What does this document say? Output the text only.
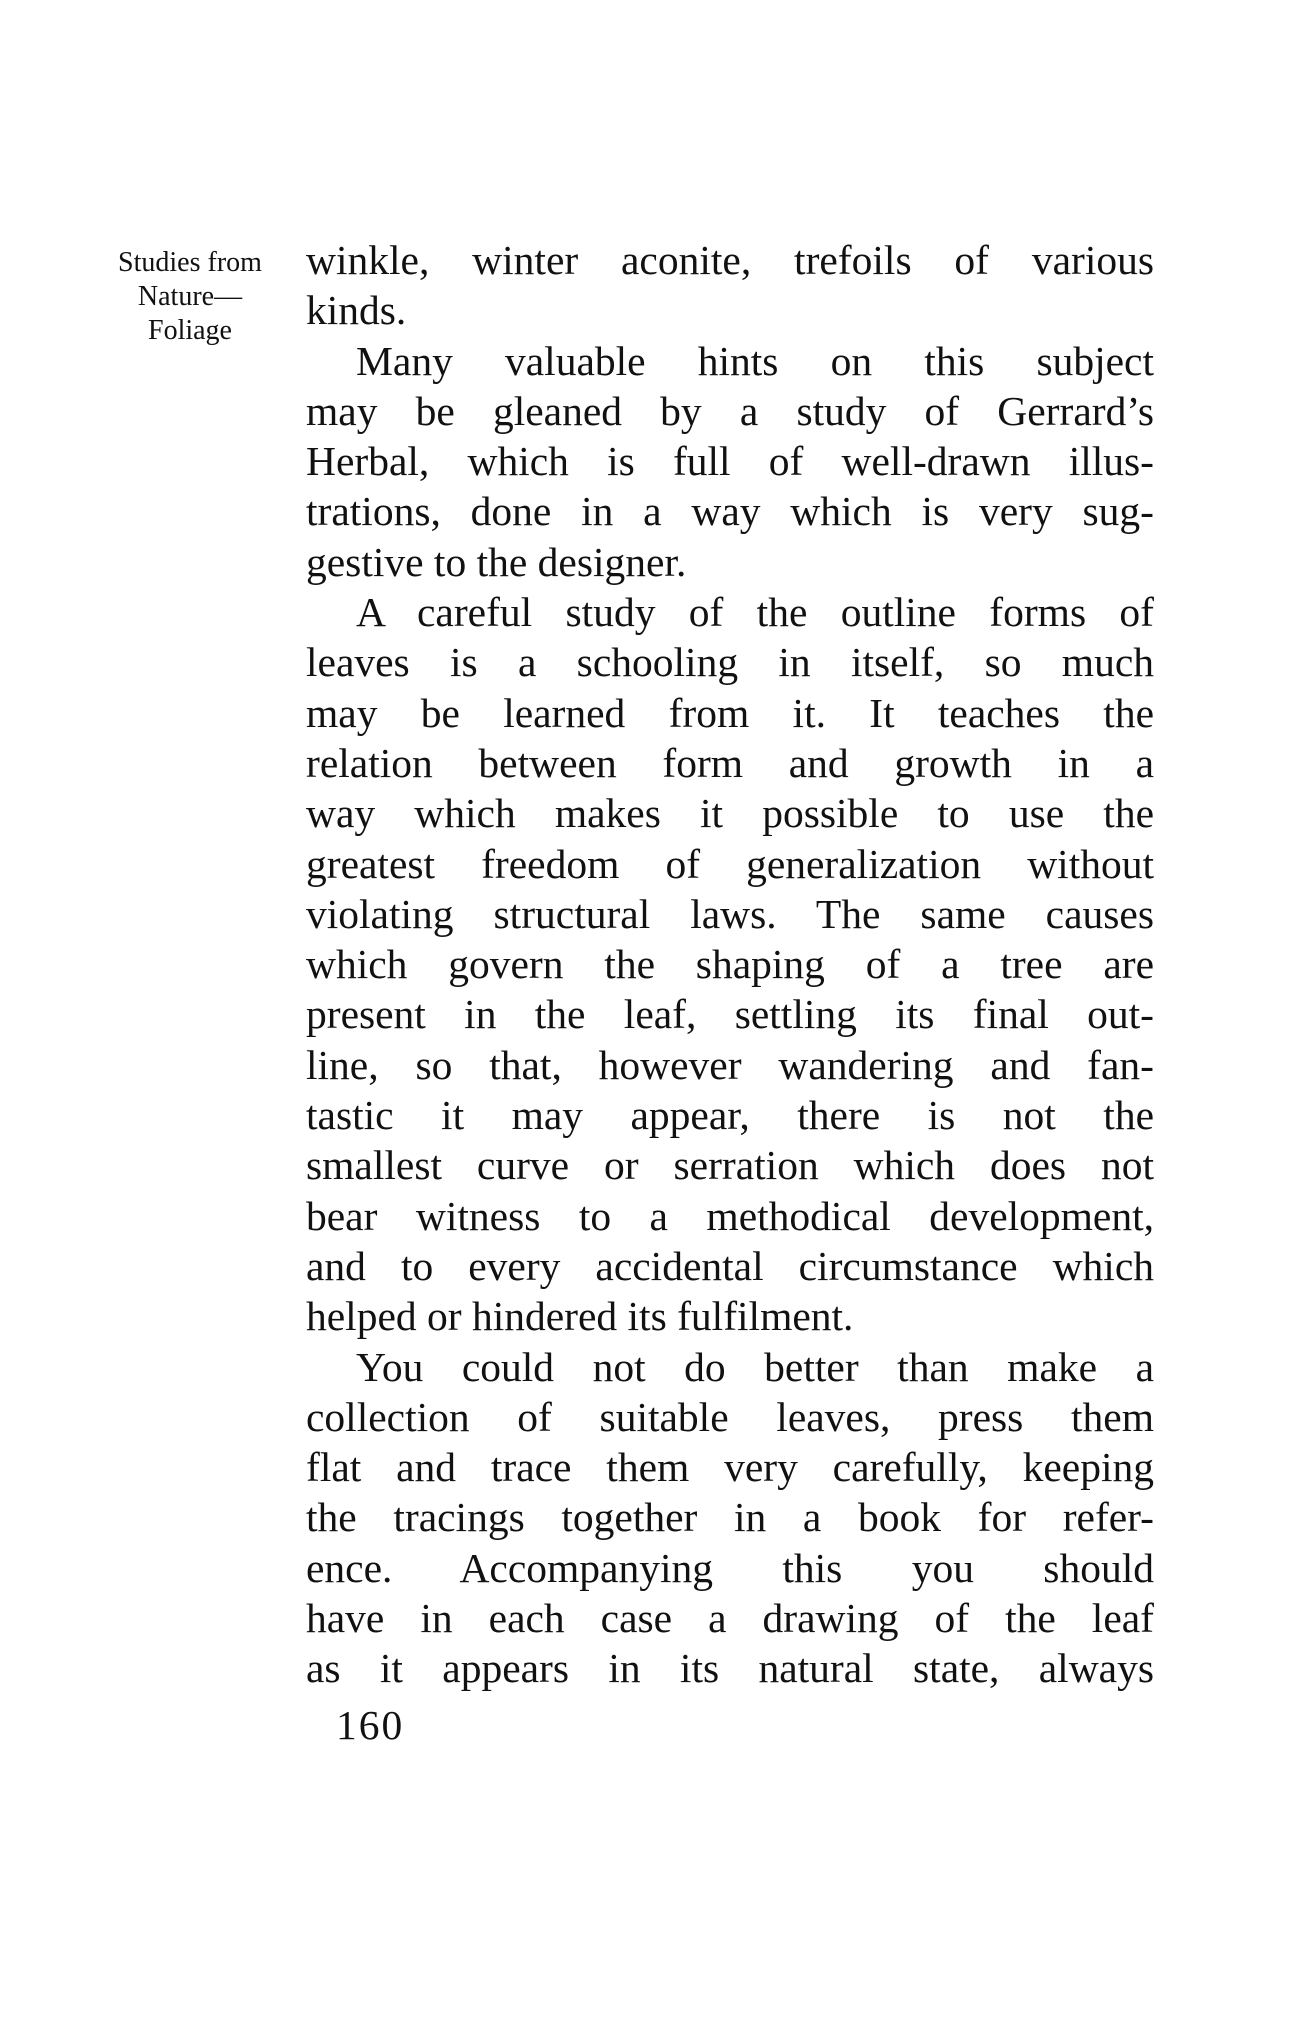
Studies from
Nature—
Foliage
winkle, winter aconite, trefoils of various
kinds.
Many valuable hints on this subject
may be gleaned by a study of Gerrard’s
Herbal, which is full of well-drawn illus-
trations, done in a way which is very sug-
gestive to the designer.
A careful study of the outline forms of
leaves is a schooling in itself, so much
may be learned from it. It teaches the
relation between form and growth in a
way which makes it possible to use the
greatest freedom of generalization without
violating structural laws. The same causes
which govern the shaping of a tree are
present in the leaf, settling its final out-
line, so that, however wandering and fan-
tastic it may appear, there is not the
smallest curve or serration which does not
bear witness to a methodical development,
and to every accidental circumstance which
helped or hindered its fulfilment.
You could not do better than make a
collection of suitable leaves, press them
flat and trace them very carefully, keeping
the tracings together in a book for refer-
ence. Accompanying this you should
have in each case a drawing of the leaf
as it appears in its natural state, always
160
